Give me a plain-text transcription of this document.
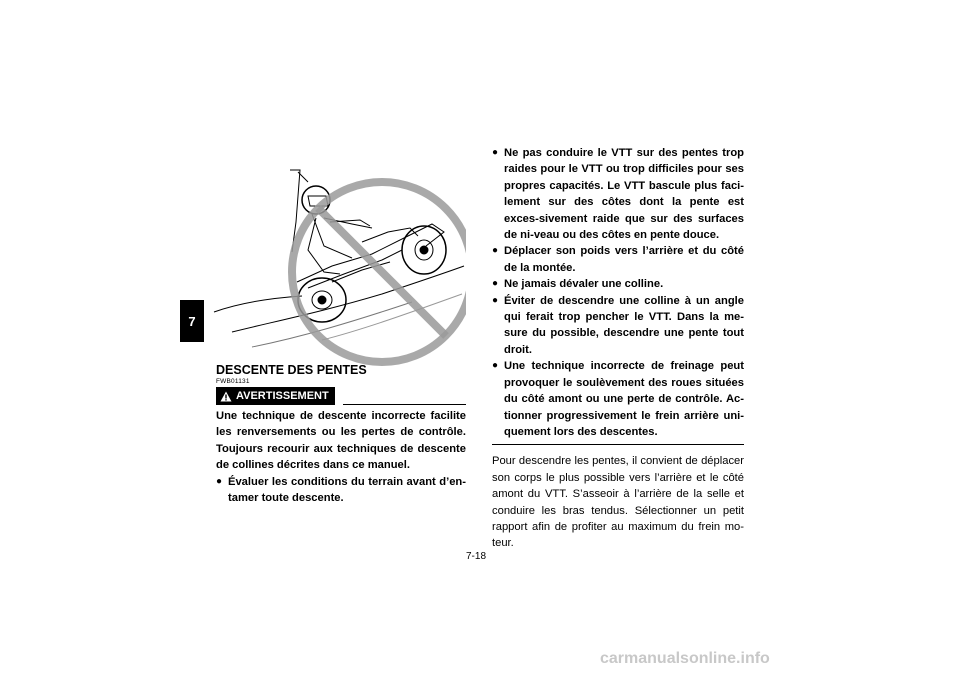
7
DESCENTE DES PENTES
FWB01131
AVERTISSEMENT

Une technique de descente incorrecte facilite les renversements ou les pertes de contrôle. Toujours recourir aux techniques de descente de collines décrites dans ce manuel.

● Évaluer les conditions du terrain avant d’en-tamer toute descente.
● Ne pas conduire le VTT sur des pentes trop raides pour le VTT ou trop difficiles pour ses propres capacités. Le VTT bascule plus faci-lement sur des côtes dont la pente est exces-sivement raide que sur des surfaces de ni-veau ou des côtes en pente douce.
● Déplacer son poids vers l’arrière et du côté de la montée.
● Ne jamais dévaler une colline.
● Éviter de descendre une colline à un angle qui ferait trop pencher le VTT. Dans la me-sure du possible, descendre une pente tout droit.
● Une technique incorrecte de freinage peut provoquer le soulèvement des roues situées du côté amont ou une perte de contrôle. Ac-tionner progressivement le frein arrière uni-quement lors des descentes.

Pour descendre les pentes, il convient de déplacer son corps le plus possible vers l’arrière et le côté amont du VTT. S’asseoir à l’arrière de la selle et conduire les bras tendus. Sélectionner un petit rapport afin de profiter au maximum du frein mo-teur.

7-18
carmanualsonline.info
